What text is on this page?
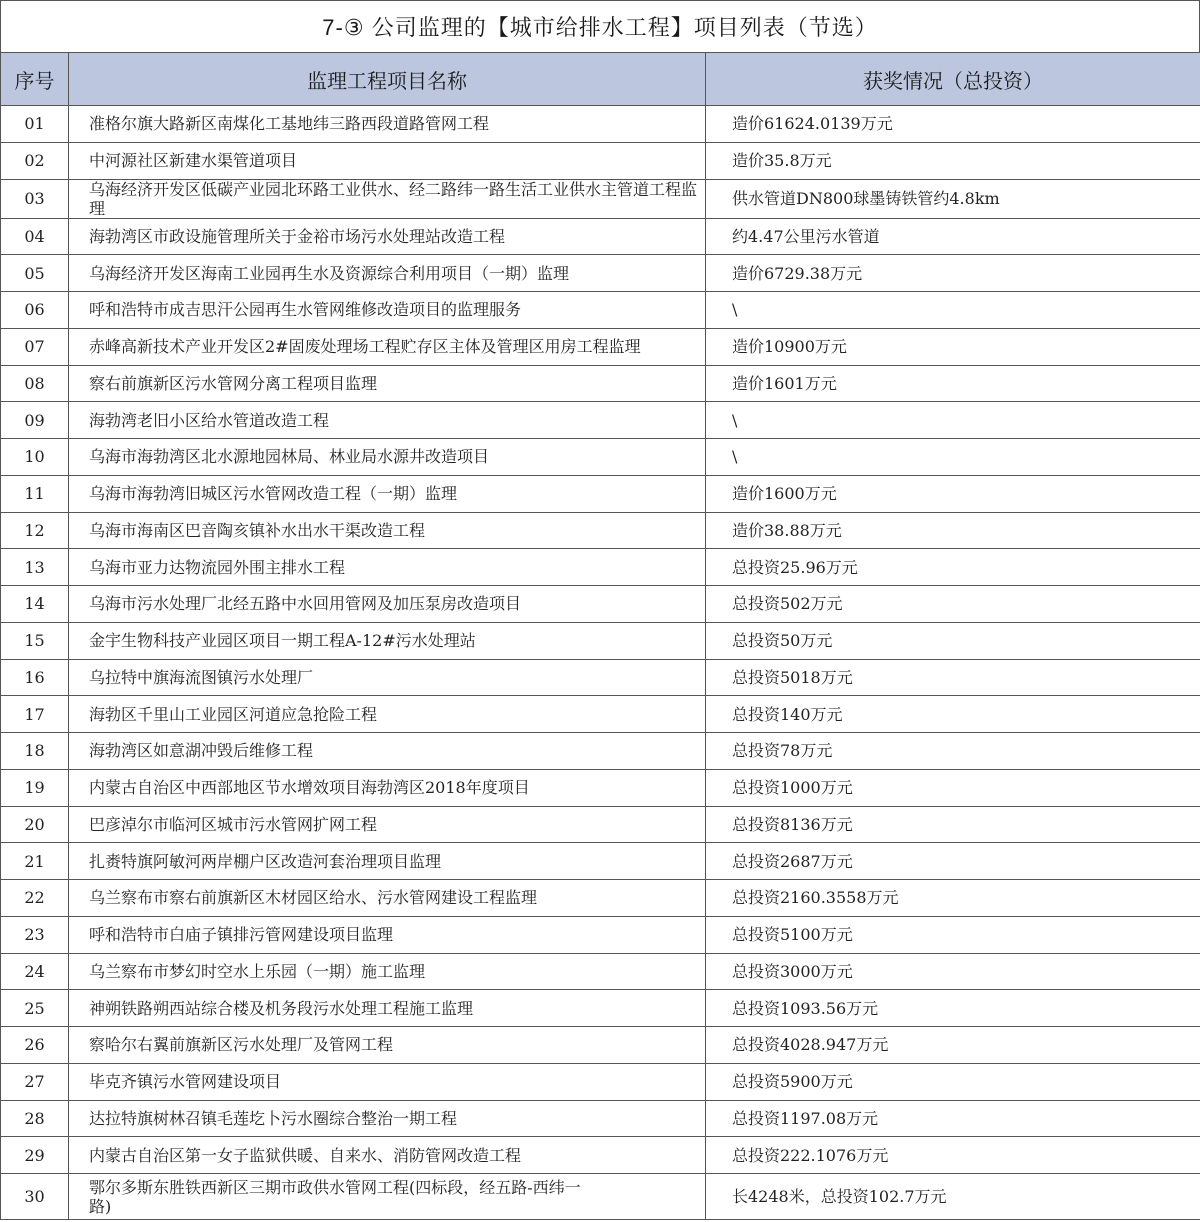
7-③ 公司监理的【城市给排水工程】项目列表（节选）
序号	监理工程项目名称	获奖情况（总投资）
01	准格尔旗大路新区南煤化工基地纬三路西段道路管网工程	造价61624.0139万元
02	中河源社区新建水渠管道项目	造价35.8万元
03	乌海经济开发区低碳产业园北环路工业供水、经二路纬一路生活工业供水主管道工程监理	供水管道DN800球墨铸铁管约4.8km
04	海勃湾区市政设施管理所关于金裕市场污水处理站改造工程	约4.47公里污水管道
05	乌海经济开发区海南工业园再生水及资源综合利用项目（一期）监理	造价6729.38万元
06	呼和浩特市成吉思汗公园再生水管网维修改造项目的监理服务	\
07	赤峰高新技术产业开发区2#固废处理场工程贮存区主体及管理区用房工程监理	造价10900万元
08	察右前旗新区污水管网分离工程项目监理	造价1601万元
09	海勃湾老旧小区给水管道改造工程	\
10	乌海市海勃湾区北水源地园林局、林业局水源井改造项目	\
11	乌海市海勃湾旧城区污水管网改造工程（一期）监理	造价1600万元
12	乌海市海南区巴音陶亥镇补水出水干渠改造工程	造价38.88万元
13	乌海市亚力达物流园外围主排水工程	总投资25.96万元
14	乌海市污水处理厂北经五路中水回用管网及加压泵房改造项目	总投资502万元
15	金宇生物科技产业园区项目一期工程A-12#污水处理站	总投资50万元
16	乌拉特中旗海流图镇污水处理厂	总投资5018万元
17	海勃区千里山工业园区河道应急抢险工程	总投资140万元
18	海勃湾区如意湖冲毁后维修工程	总投资78万元
19	内蒙古自治区中西部地区节水增效项目海勃湾区2018年度项目	总投资1000万元
20	巴彦淖尔市临河区城市污水管网扩网工程	总投资8136万元
21	扎赉特旗阿敏河两岸棚户区改造河套治理项目监理	总投资2687万元
22	乌兰察布市察右前旗新区木材园区给水、污水管网建设工程监理	总投资2160.3558万元
23	呼和浩特市白庙子镇排污管网建设项目监理	总投资5100万元
24	乌兰察布市梦幻时空水上乐园（一期）施工监理	总投资3000万元
25	神朔铁路朔西站综合楼及机务段污水处理工程施工监理	总投资1093.56万元
26	察哈尔右翼前旗新区污水处理厂及管网工程	总投资4028.947万元
27	毕克齐镇污水管网建设项目	总投资5900万元
28	达拉特旗树林召镇毛莲圪卜污水圈综合整治一期工程	总投资1197.08万元
29	内蒙古自治区第一女子监狱供暖、自来水、消防管网改造工程	总投资222.1076万元
30	鄂尔多斯东胜铁西新区三期市政供水管网工程(四标段，经五路-西纬一路)	长4248米，总投资102.7万元
